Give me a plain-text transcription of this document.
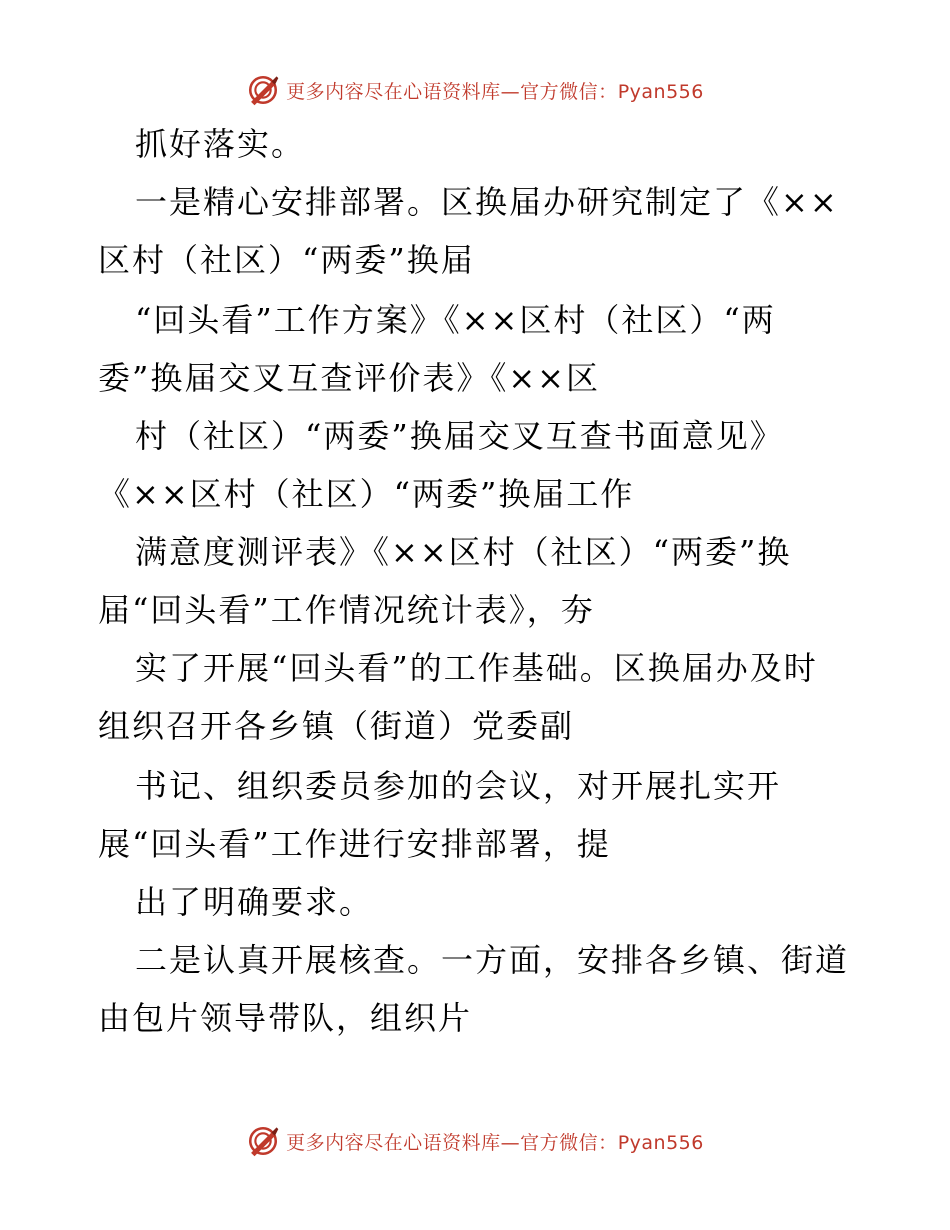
更多内容尽在心语资料库—官方微信：Pyan556
抓好落实。
一是精心安排部署。区换届办研究制定了《××
区村（社区）“两委”换届
“回头看”工作方案》《××区村（社区）“两
委”换届交叉互查评价表》《××区
村（社区）“两委”换届交叉互查书面意见》
《××区村（社区）“两委”换届工作
满意度测评表》《××区村（社区）“两委”换
届“回头看”工作情况统计表》，夯
实了开展“回头看”的工作基础。区换届办及时
组织召开各乡镇（街道）党委副
书记、组织委员参加的会议，对开展扎实开
展“回头看”工作进行安排部署，提
出了明确要求。
二是认真开展核查。一方面，安排各乡镇、街道
由包片领导带队，组织片
更多内容尽在心语资料库—官方微信：Pyan556
